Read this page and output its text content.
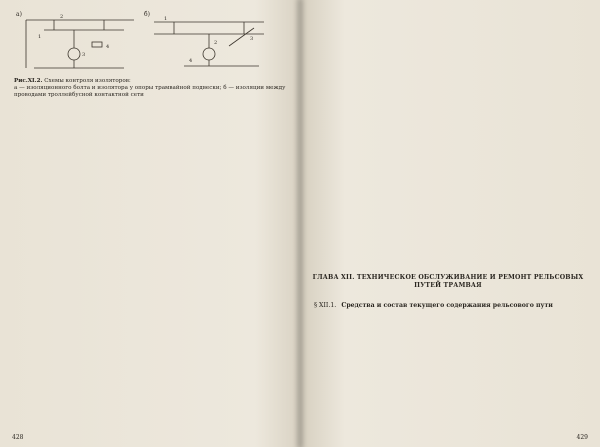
а)	б)
1
2
3
4
1
2
3
4
Рис.XI.2. Схемы контроля изоляторов:
а — изоляционного болта и изолятора у опоры трамвайной подвески; б — изоляции между проводами троллейбусной контактной сети

428

ГЛАВА XII. ТЕХНИЧЕСКОЕ ОБСЛУЖИВАНИЕ И РЕМОНТ РЕЛЬСОВЫХ ПУТЕЙ ТРАМВАЯ
§ XII.1. Средства и состав текущего содержания рельсового пути

429
